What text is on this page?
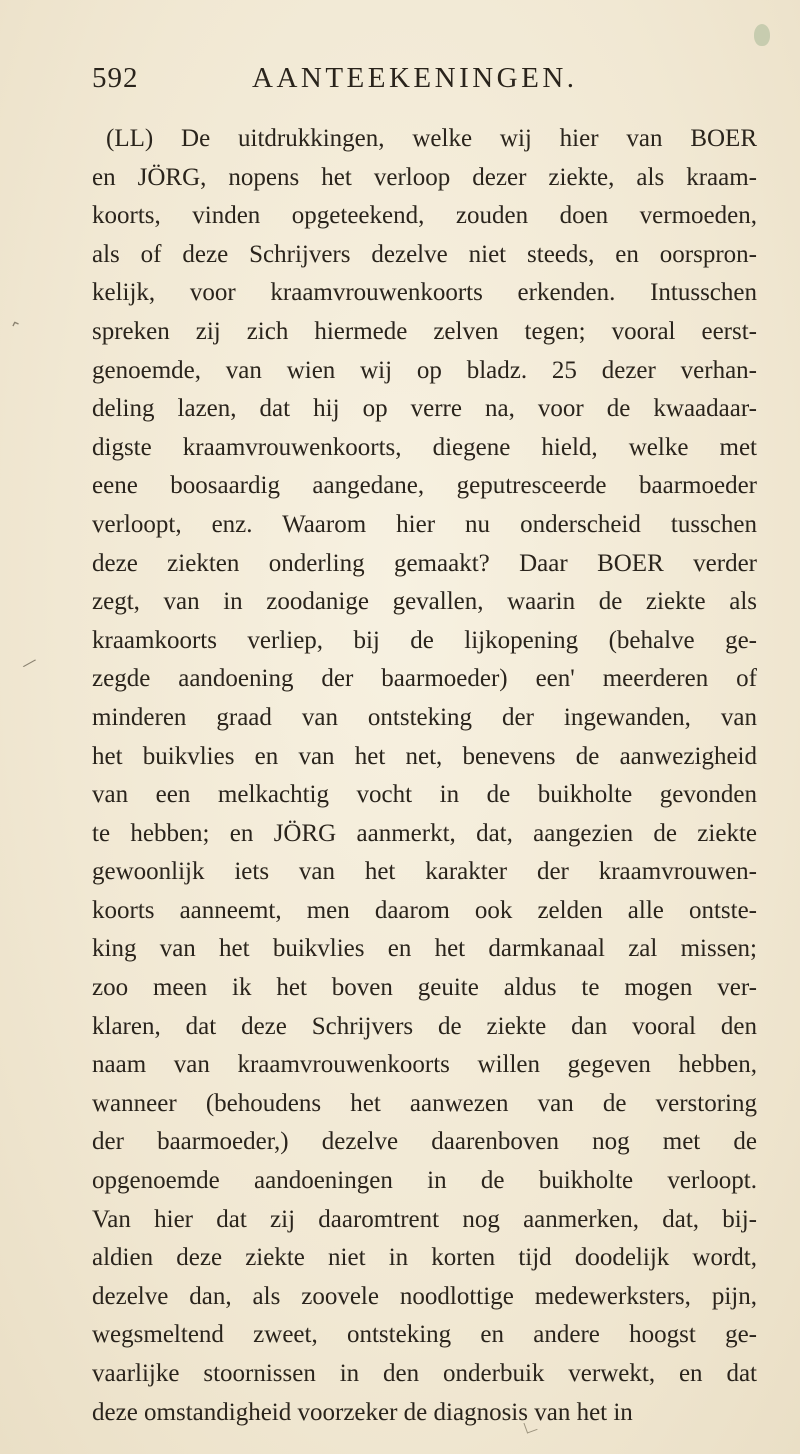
⌃
⁄
592	AANTEEKENINGEN.
(LL) De uitdrukkingen, welke wij hier van BOER
en JÖRG, nopens het verloop dezer ziekte, als kraam-
koorts, vinden opgeteekend, zouden doen vermoeden,
als of deze Schrijvers dezelve niet steeds, en oorspron-
kelijk, voor kraamvrouwenkoorts erkenden. Intusschen
spreken zij zich hiermede zelven tegen; vooral eerst-
genoemde, van wien wij op bladz. 25 dezer verhan-
deling lazen, dat hij op verre na, voor de kwaadaar-
digste kraamvrouwenkoorts, diegene hield, welke met
eene boosaardig aangedane, geputresceerde baarmoeder
verloopt, enz. Waarom hier nu onderscheid tusschen
deze ziekten onderling gemaakt? Daar BOER verder
zegt, van in zoodanige gevallen, waarin de ziekte als
kraamkoorts verliep, bij de lijkopening (behalve ge-
zegde aandoening der baarmoeder) een' meerderen of
minderen graad van ontsteking der ingewanden, van
het buikvlies en van het net, benevens de aanwezigheid
van een melkachtig vocht in de buikholte gevonden
te hebben; en JÖRG aanmerkt, dat, aangezien de ziekte
gewoonlijk iets van het karakter der kraamvrouwen-
koorts aanneemt, men daarom ook zelden alle ontste-
king van het buikvlies en het darmkanaal zal missen;
zoo meen ik het boven geuite aldus te mogen ver-
klaren, dat deze Schrijvers de ziekte dan vooral den
naam van kraamvrouwenkoorts willen gegeven hebben,
wanneer (behoudens het aanwezen van de verstoring
der baarmoeder,) dezelve daarenboven nog met de
opgenoemde aandoeningen in de buikholte verloopt.
Van hier dat zij daaromtrent nog aanmerken, dat, bij-
aldien deze ziekte niet in korten tijd doodelijk wordt,
dezelve dan, als zoovele noodlottige medewerksters, pijn,
wegsmeltend zweet, ontsteking en andere hoogst ge-
vaarlijke stoornissen in den onderbuik verwekt, en dat
deze omstandigheid voorzeker de diagnosis van het in
